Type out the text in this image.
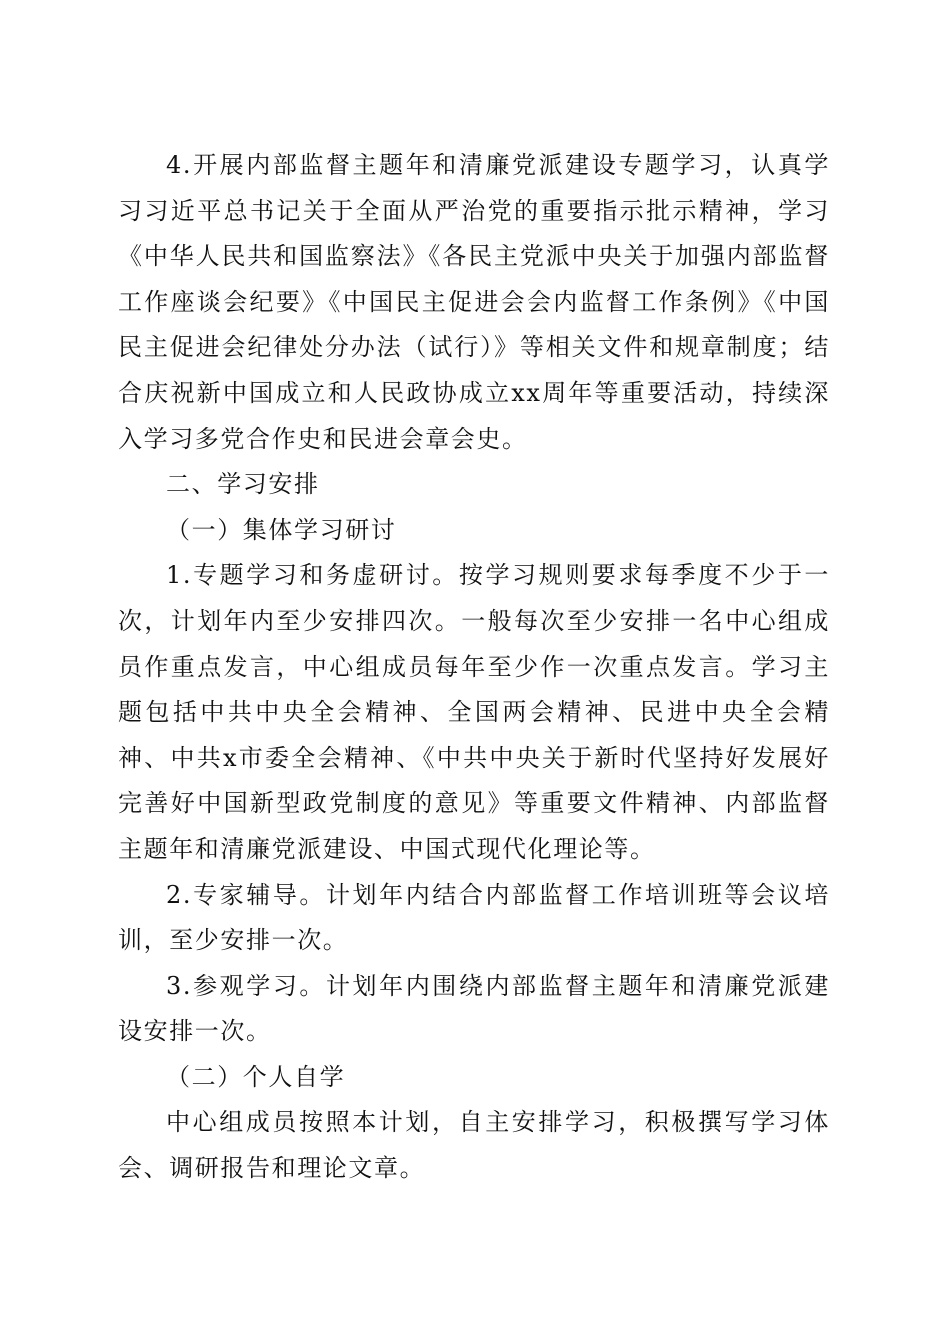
4.开展内部监督主题年和清廉党派建设专题学习，认真学习习近平总书记关于全面从严治党的重要指示批示精神，学习《中华人民共和国监察法》《各民主党派中央关于加强内部监督工作座谈会纪要》《中国民主促进会会内监督工作条例》《中国民主促进会纪律处分办法（试行）》等相关文件和规章制度；结合庆祝新中国成立和人民政协成立xx周年等重要活动，持续深入学习多党合作史和民进会章会史。

二、学习安排

（一）集体学习研讨

1.专题学习和务虚研讨。按学习规则要求每季度不少于一次，计划年内至少安排四次。一般每次至少安排一名中心组成员作重点发言，中心组成员每年至少作一次重点发言。学习主题包括中共中央全会精神、全国两会精神、民进中央全会精神、中共x市委全会精神、《中共中央关于新时代坚持好发展好完善好中国新型政党制度的意见》等重要文件精神、内部监督主题年和清廉党派建设、中国式现代化理论等。

2.专家辅导。计划年内结合内部监督工作培训班等会议培训，至少安排一次。

3.参观学习。计划年内围绕内部监督主题年和清廉党派建设安排一次。

（二）个人自学

中心组成员按照本计划，自主安排学习，积极撰写学习体会、调研报告和理论文章。
